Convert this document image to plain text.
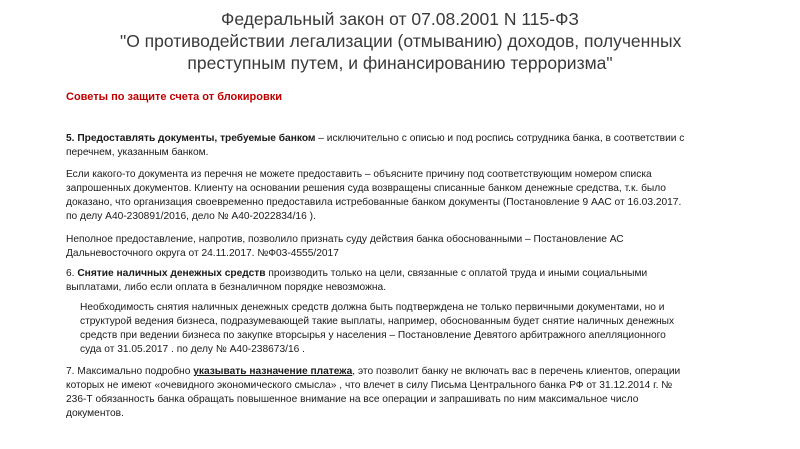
Федеральный закон от 07.08.2001 N 115-ФЗ
"О противодействии легализации (отмыванию) доходов, полученных
преступным путем, и финансированию терроризма"
Советы по защите счета от блокировки
5. Предоставлять документы, требуемые банком – исключительно с описью и под роспись сотрудника банка, в соответствии с
перечнем, указанным банком.
Если какого-то документа из перечня не можете предоставить – объясните причину под соответствующим номером списка
запрошенных документов. Клиенту на основании решения суда возвращены списанные банком денежные средства, т.к. было
доказано, что организация своевременно предоставила истребованные банком документы (Постановление 9 ААС от 16.03.2017.
по делу А40-230891/2016, дело № А40-2022834/16 ).
Неполное предоставление, напротив, позволило признать суду действия банка обоснованными – Постановление АС
Дальневосточного округа от 24.11.2017. №Ф03-4555/2017
6. Снятие наличных денежных средств производить только на цели, связанные с оплатой труда и иными социальными
выплатами, либо если оплата в безналичном порядке невозможна.
Необходимость снятия наличных денежных средств должна быть подтверждена не только первичными документами, но и
структурой ведения бизнеса, подразумевающей такие выплаты, например, обоснованным будет снятие наличных денежных
средств при ведении бизнеса по закупке вторсырья у населения – Постановление Девятого арбитражного апелляционного
суда от 31.05.2017 . по делу № А40-238673/16 .
7. Максимально подробно указывать назначение платежа, это позволит банку не включать вас в перечень клиентов, операции
которых не имеют «очевидного экономического смысла» , что влечет в силу Письма Центрального банка РФ от 31.12.2014 г. №
236-Т обязанность банка обращать повышенное внимание на все операции и запрашивать по ним максимальное число
документов.
